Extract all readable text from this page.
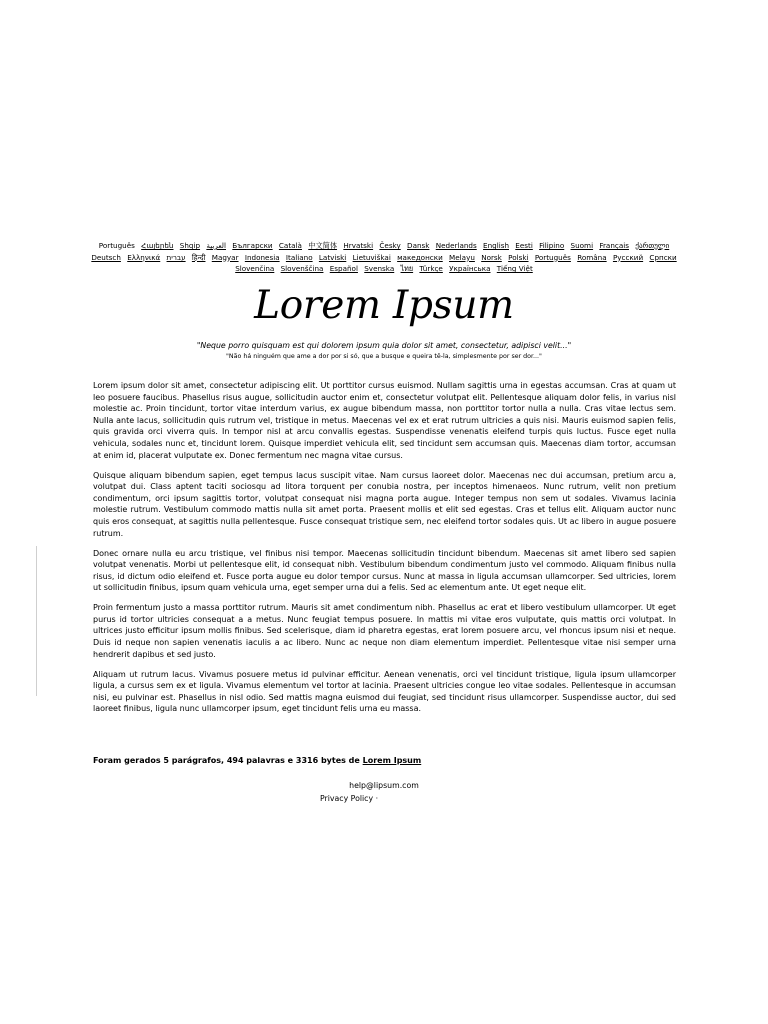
Português Հայերեն Shqip العربية Български Català 中文简体 Hrvatski Česky Dansk Nederlands English Eesti Filipino Suomi Français ქართული Deutsch Ελληνικά עברית हिन्दी Magyar Indonesia Italiano Latviski Lietuviškai македонски Melayu Norsk Polski Português Româna Pyccкий Српски Slovenčina Slovenščina Español Svenska ไทย Türkçe Українська Tiếng Việt
Lorem Ipsum
"Neque porro quisquam est qui dolorem ipsum quia dolor sit amet, consectetur, adipisci velit..."
"Não há ninguém que ame a dor por si só, que a busque e queira tê-la, simplesmente por ser dor..."

Lorem ipsum dolor sit amet, consectetur adipiscing elit. Ut porttitor cursus euismod. Nullam sagittis urna in egestas accumsan. Cras at quam ut leo posuere faucibus. Phasellus risus augue, sollicitudin auctor enim et, consectetur volutpat elit. Pellentesque aliquam dolor felis, in varius nisl molestie ac. Proin tincidunt, tortor vitae interdum varius, ex augue bibendum massa, non porttitor tortor nulla a nulla. Cras vitae lectus sem. Nulla ante lacus, sollicitudin quis rutrum vel, tristique in metus. Maecenas vel ex et erat rutrum ultricies a quis nisi. Mauris euismod sapien felis, quis gravida orci viverra quis. In tempor nisl at arcu convallis egestas. Suspendisse venenatis eleifend turpis quis luctus. Fusce eget nulla vehicula, sodales nunc et, tincidunt lorem. Quisque imperdiet vehicula elit, sed tincidunt sem accumsan quis. Maecenas diam tortor, accumsan at enim id, placerat vulputate ex. Donec fermentum nec magna vitae cursus.

Quisque aliquam bibendum sapien, eget tempus lacus suscipit vitae. Nam cursus laoreet dolor. Maecenas nec dui accumsan, pretium arcu a, volutpat dui. Class aptent taciti sociosqu ad litora torquent per conubia nostra, per inceptos himenaeos. Nunc rutrum, velit non pretium condimentum, orci ipsum sagittis tortor, volutpat consequat nisi magna porta augue. Integer tempus non sem ut sodales. Vivamus lacinia molestie rutrum. Vestibulum commodo mattis nulla sit amet porta. Praesent mollis et elit sed egestas. Cras et tellus elit. Aliquam auctor nunc quis eros consequat, at sagittis nulla pellentesque. Fusce consequat tristique sem, nec eleifend tortor sodales quis. Ut ac libero in augue posuere rutrum.

Donec ornare nulla eu arcu tristique, vel finibus nisi tempor. Maecenas sollicitudin tincidunt bibendum. Maecenas sit amet libero sed sapien volutpat venenatis. Morbi ut pellentesque elit, id consequat nibh. Vestibulum bibendum condimentum justo vel commodo. Aliquam finibus nulla risus, id dictum odio eleifend et. Fusce porta augue eu dolor tempor cursus. Nunc at massa in ligula accumsan ullamcorper. Sed ultricies, lorem ut sollicitudin finibus, ipsum quam vehicula urna, eget semper urna dui a felis. Sed ac elementum ante. Ut eget neque elit.

Proin fermentum justo a massa porttitor rutrum. Mauris sit amet condimentum nibh. Phasellus ac erat et libero vestibulum ullamcorper. Ut eget purus id tortor ultricies consequat a a metus. Nunc feugiat tempus posuere. In mattis mi vitae eros vulputate, quis mattis orci volutpat. In ultrices justo efficitur ipsum mollis finibus. Sed scelerisque, diam id pharetra egestas, erat lorem posuere arcu, vel rhoncus ipsum nisi et neque. Duis id neque non sapien venenatis iaculis a ac libero. Nunc ac neque non diam elementum imperdiet. Pellentesque vitae nisi semper urna hendrerit dapibus et sed justo.

Aliquam ut rutrum lacus. Vivamus posuere metus id pulvinar efficitur. Aenean venenatis, orci vel tincidunt tristique, ligula ipsum ullamcorper ligula, a cursus sem ex et ligula. Vivamus elementum vel tortor at lacinia. Praesent ultricies congue leo vitae sodales. Pellentesque in accumsan nisi, eu pulvinar est. Phasellus in nisl odio. Sed mattis magna euismod dui feugiat, sed tincidunt risus ullamcorper. Suspendisse auctor, dui sed laoreet finibus, ligula nunc ullamcorper ipsum, eget tincidunt felis urna eu massa.

Foram gerados 5 parágrafos, 494 palavras e 3316 bytes de Lorem Ipsum
help@lipsum.com
Privacy Policy ·
